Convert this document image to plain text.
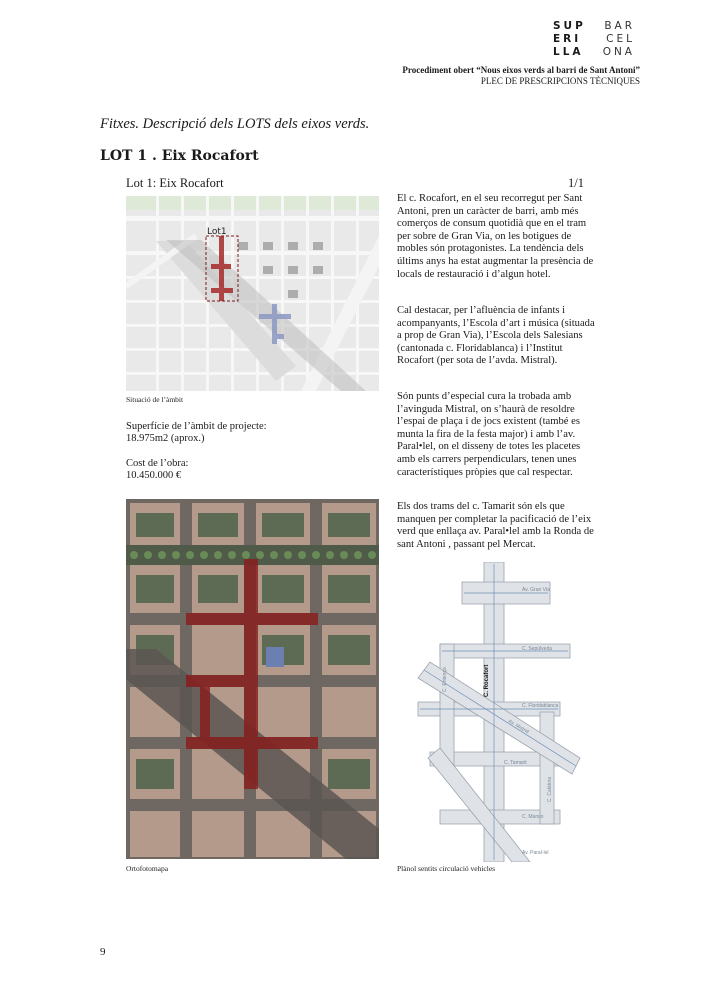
SUP BAR
ERI CEL
LLA ONA
Procediment obert “Nous eixos verds al barri de Sant Antoni”
PLEC DE PRESCRIPCIONS TÈCNIQUES
Fitxes. Descripció dels LOTS dels eixos verds.
LOT 1 . Eix Rocafort
Lot 1: Eix Rocafort	1/1
Lot1
Situació de l’àmbit
Superfície de l’àmbit de projecte:
18.975m2 (aprox.)
Cost de l’obra:
10.450.000 €
Ortofotomapa

El c. Rocafort, en el seu recorregut per Sant Antoni, pren un caràcter de barri, amb més comerços de consum quotidià que en el tram per sobre de Gran Via, on les botigues de mobles són protagonistes. La tendència dels últims anys ha estat augmentar la presència de locals de restauració i d’algun hotel.

Cal destacar, per l’afluència de infants i acompanyants, l’Escola d’art i música (situada a prop de Gran Via), l’Escola dels Salesians (cantonada c. Floridablanca) i l’Institut Rocafort (per sota de l’avda. Mistral).

Són punts d’especial cura la trobada amb l’avinguda Mistral, on s’haurà de resoldre l’espai de plaça i de jocs existent (també es munta la fira de la festa major) i amb l’av. Paral•lel, on el disseny de totes les placetes amb els carrers perpendiculars, tenen unes característiques pròpies que cal respectar.

Els dos trams del c. Tamarit són els que manquen per completar la pacificació de l’eix verd que enllaça av. Paral•lel amb la Ronda de sant Antoni , passant pel Mercat.

Av. Gran Via
C. Sepúlveda
C. Floridablanca
Av. Mistral
C. Tamarit
C. Manso
Av. Paral·lel
C. Entença
C. Calàbria
C. Rocafort
Plànol sentits circulació vehicles
9
